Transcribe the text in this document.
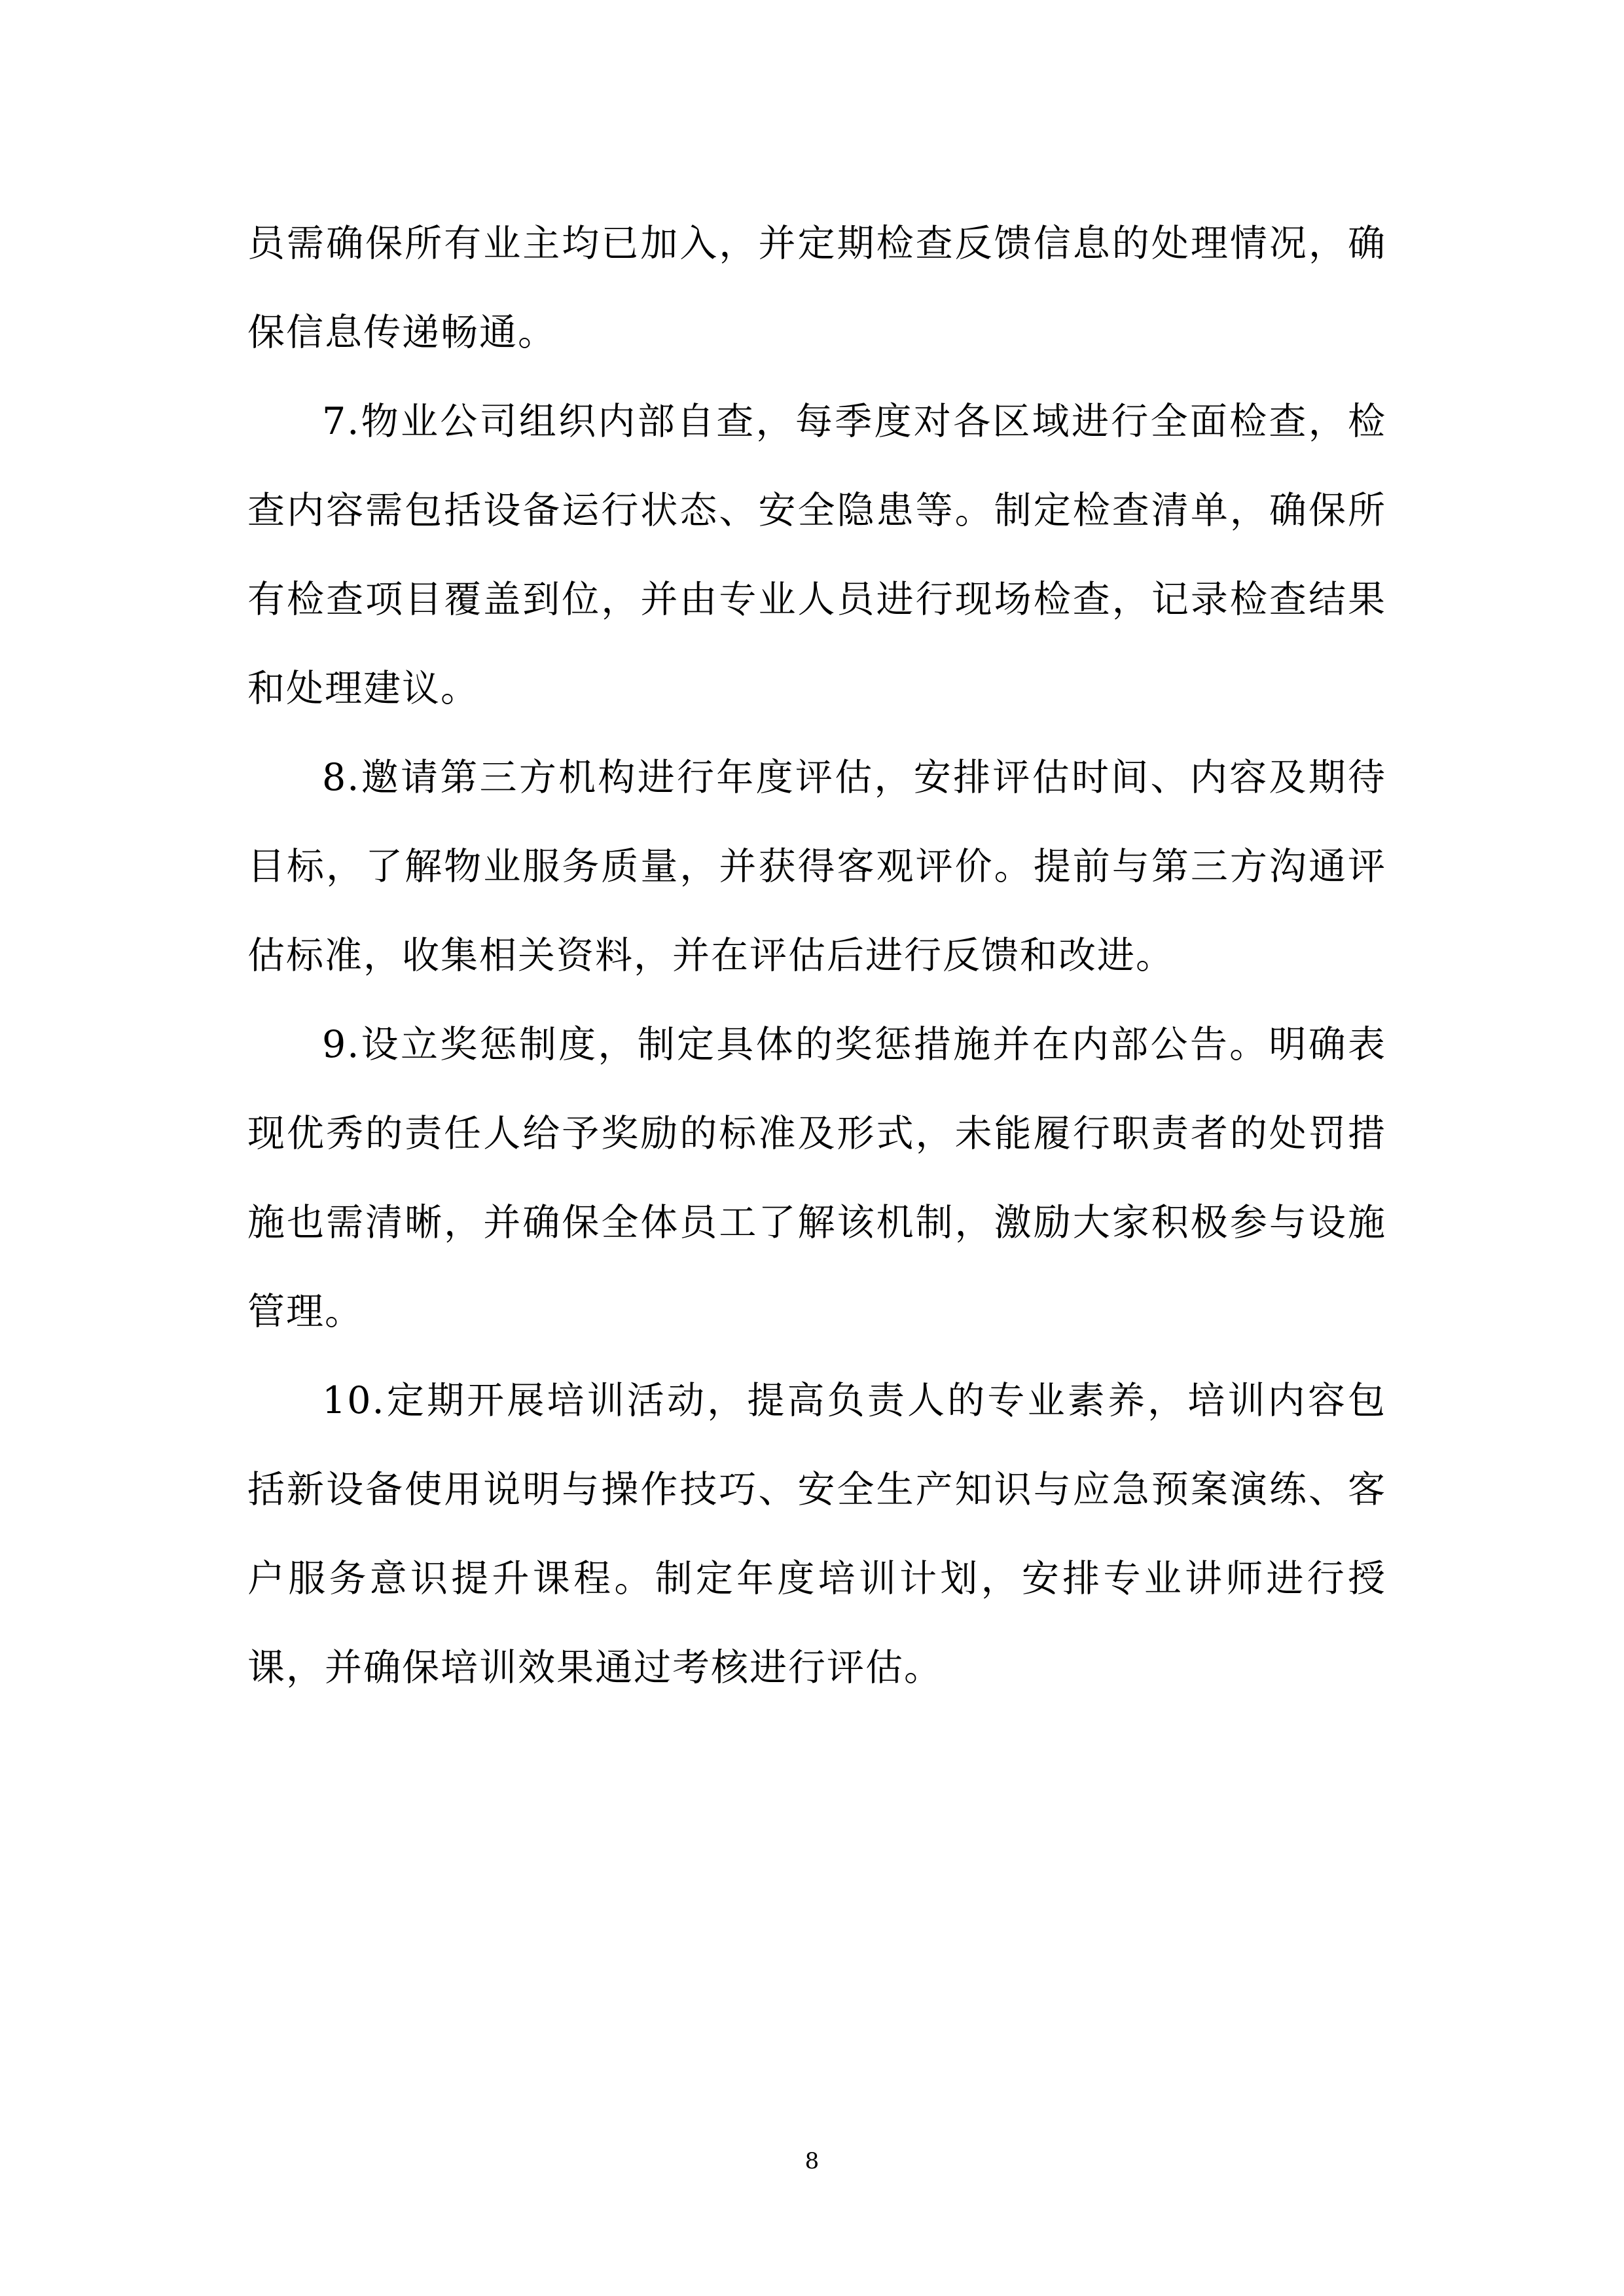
员需确保所有业主均已加入，并定期检查反馈信息的处理情况，确保信息传递畅通。

7.物业公司组织内部自查，每季度对各区域进行全面检查，检查内容需包括设备运行状态、安全隐患等。制定检查清单，确保所有检查项目覆盖到位，并由专业人员进行现场检查，记录检查结果和处理建议。

8.邀请第三方机构进行年度评估，安排评估时间、内容及期待目标，了解物业服务质量，并获得客观评价。提前与第三方沟通评估标准，收集相关资料，并在评估后进行反馈和改进。

9.设立奖惩制度，制定具体的奖惩措施并在内部公告。明确表现优秀的责任人给予奖励的标准及形式，未能履行职责者的处罚措施也需清晰，并确保全体员工了解该机制，激励大家积极参与设施管理。

10.定期开展培训活动，提高负责人的专业素养，培训内容包括新设备使用说明与操作技巧、安全生产知识与应急预案演练、客户服务意识提升课程。制定年度培训计划，安排专业讲师进行授课，并确保培训效果通过考核进行评估。

8
